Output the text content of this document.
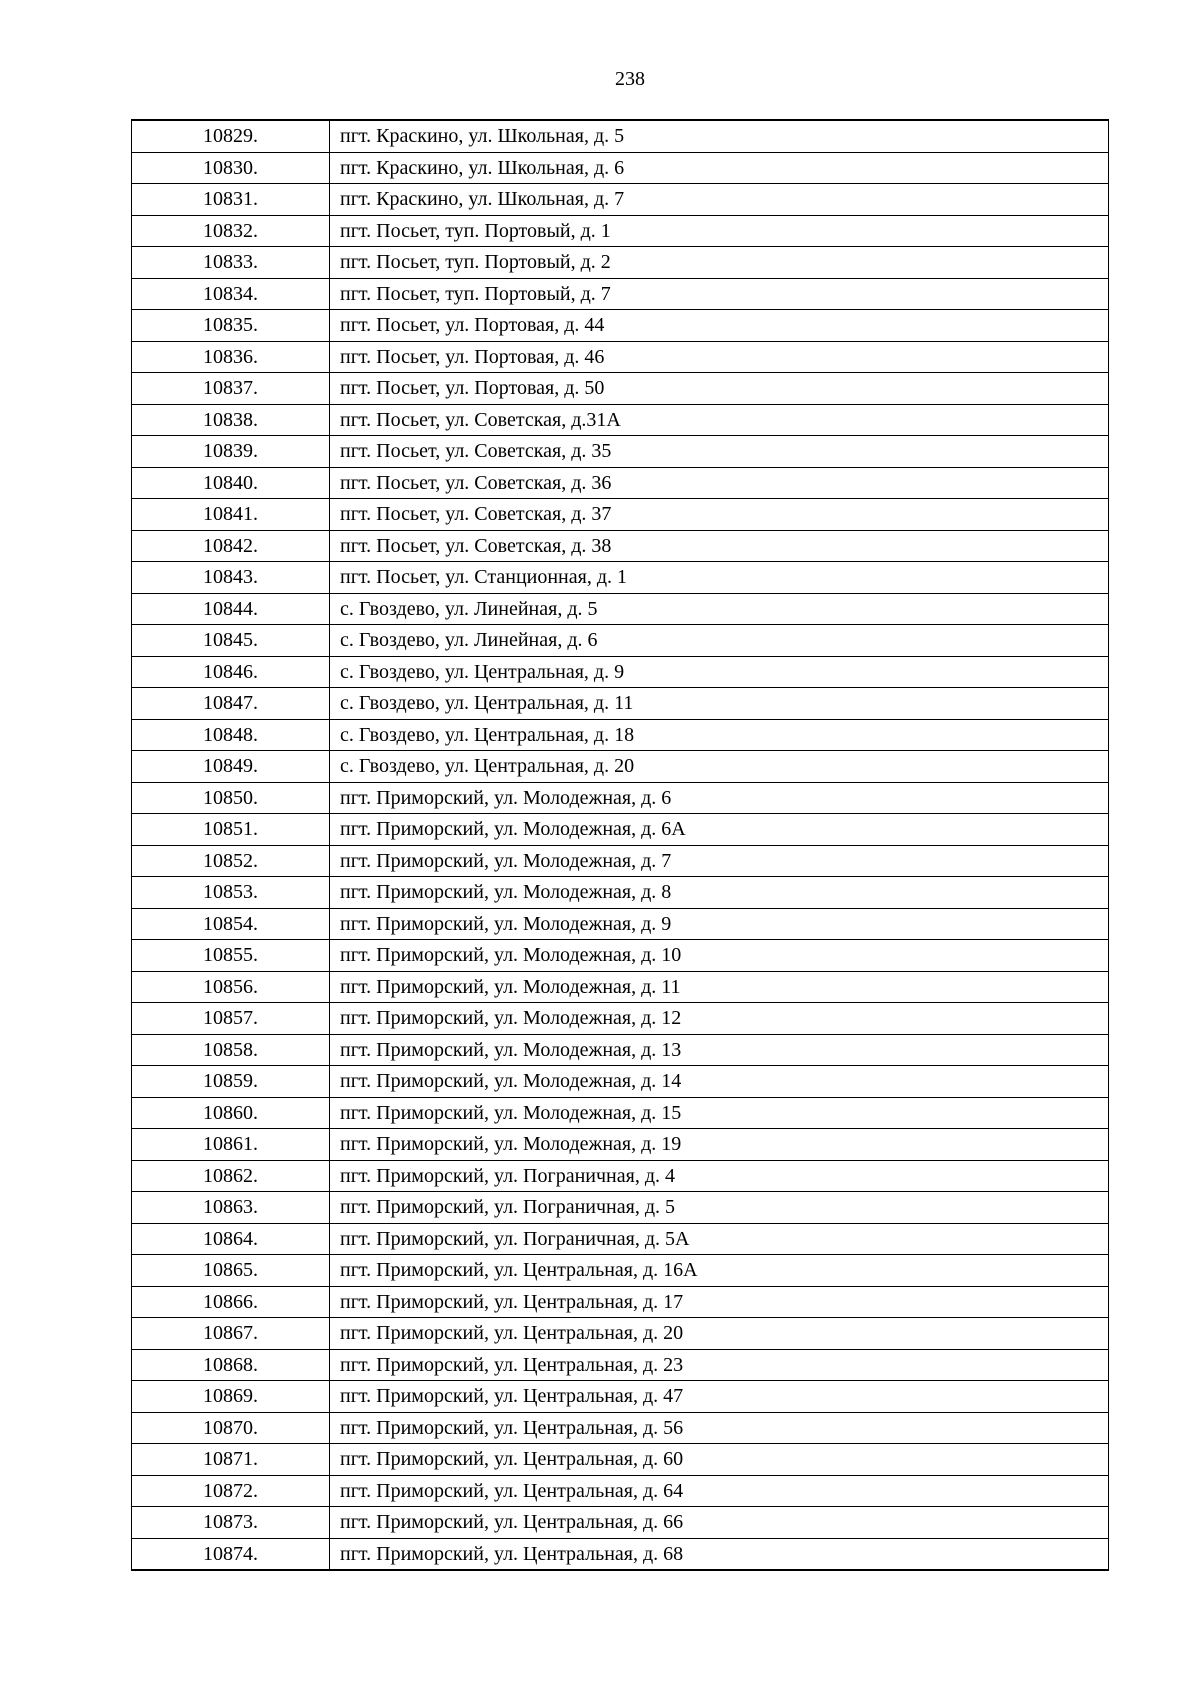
238
10829.	пгт. Краскино, ул. Школьная, д. 5
10830.	пгт. Краскино, ул. Школьная, д. 6
10831.	пгт. Краскино, ул. Школьная, д. 7
10832.	пгт. Посьет, туп. Портовый, д. 1
10833.	пгт. Посьет, туп. Портовый, д. 2
10834.	пгт. Посьет, туп. Портовый, д. 7
10835.	пгт. Посьет, ул. Портовая, д. 44
10836.	пгт. Посьет, ул. Портовая, д. 46
10837.	пгт. Посьет, ул. Портовая, д. 50
10838.	пгт. Посьет, ул. Советская, д.31А
10839.	пгт. Посьет, ул. Советская, д. 35
10840.	пгт. Посьет, ул. Советская, д. 36
10841.	пгт. Посьет, ул. Советская, д. 37
10842.	пгт. Посьет, ул. Советская, д. 38
10843.	пгт. Посьет, ул. Станционная, д. 1
10844.	с. Гвоздево, ул. Линейная, д. 5
10845.	с. Гвоздево, ул. Линейная, д. 6
10846.	с. Гвоздево, ул. Центральная, д. 9
10847.	с. Гвоздево, ул. Центральная, д. 11
10848.	с. Гвоздево, ул. Центральная, д. 18
10849.	с. Гвоздево, ул. Центральная, д. 20
10850.	пгт. Приморский, ул. Молодежная, д. 6
10851.	пгт. Приморский, ул. Молодежная, д. 6А
10852.	пгт. Приморский, ул. Молодежная, д. 7
10853.	пгт. Приморский, ул. Молодежная, д. 8
10854.	пгт. Приморский, ул. Молодежная, д. 9
10855.	пгт. Приморский, ул. Молодежная, д. 10
10856.	пгт. Приморский, ул. Молодежная, д. 11
10857.	пгт. Приморский, ул. Молодежная, д. 12
10858.	пгт. Приморский, ул. Молодежная, д. 13
10859.	пгт. Приморский, ул. Молодежная, д. 14
10860.	пгт. Приморский, ул. Молодежная, д. 15
10861.	пгт. Приморский, ул. Молодежная, д. 19
10862.	пгт. Приморский, ул. Пограничная, д. 4
10863.	пгт. Приморский, ул. Пограничная, д. 5
10864.	пгт. Приморский, ул. Пограничная, д. 5А
10865.	пгт. Приморский, ул. Центральная, д. 16А
10866.	пгт. Приморский, ул. Центральная, д. 17
10867.	пгт. Приморский, ул. Центральная, д. 20
10868.	пгт. Приморский, ул. Центральная, д. 23
10869.	пгт. Приморский, ул. Центральная, д. 47
10870.	пгт. Приморский, ул. Центральная, д. 56
10871.	пгт. Приморский, ул. Центральная, д. 60
10872.	пгт. Приморский, ул. Центральная, д. 64
10873.	пгт. Приморский, ул. Центральная, д. 66
10874.	пгт. Приморский, ул. Центральная, д. 68
